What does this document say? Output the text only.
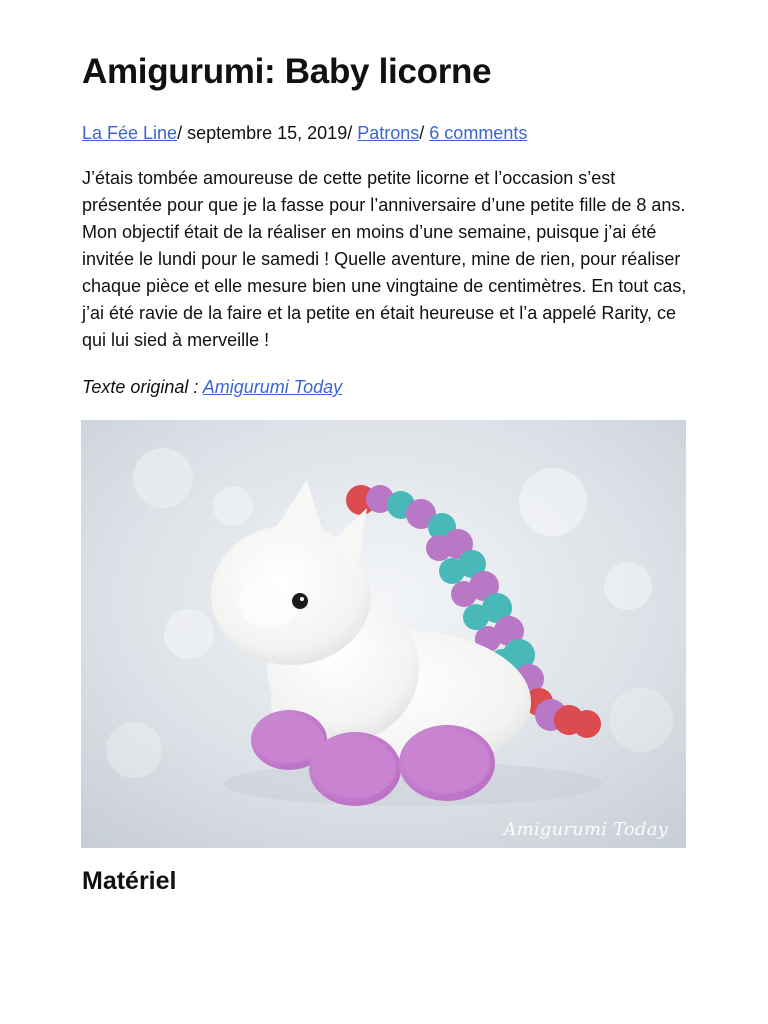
Amigurumi: Baby licorne
La Fée Line/ septembre 15, 2019/ Patrons/ 6 comments

J’étais tombée amoureuse de cette petite licorne et l’occasion s’est présentée pour que je la fasse pour l’anniversaire d’une petite fille de 8 ans. Mon objectif était de la réaliser en moins d’une semaine, puisque j’ai été invitée le lundi pour le samedi ! Quelle aventure, mine de rien, pour réaliser chaque pièce et elle mesure bien une vingtaine de centimètres. En tout cas, j’ai été ravie de la faire et la petite en était heureuse et l’a appelé Rarity, ce qui lui sied à merveille !

Texte original : Amigurumi Today

Amigurumi Today
Matériel
